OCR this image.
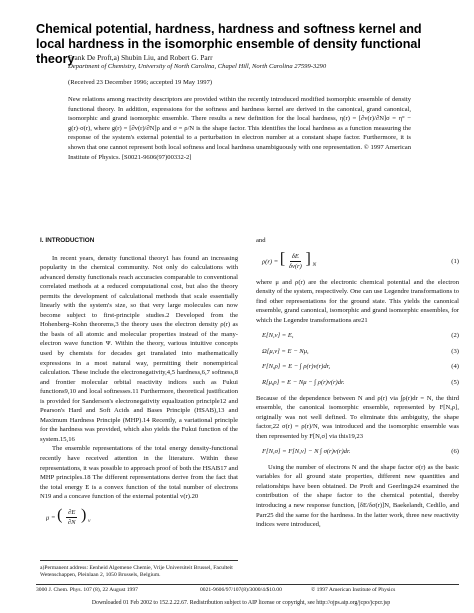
Chemical potential, hardness, hardness and softness kernel and local hardness in the isomorphic ensemble of density functional theory
Frank De Proft,a) Shubin Liu, and Robert G. Parr
Department of Chemistry, University of North Carolina, Chapel Hill, North Carolina 27599-3290
(Received 23 December 1996; accepted 19 May 1997)

New relations among reactivity descriptors are provided within the recently introduced modified isomorphic ensemble of density functional theory. In addition, expressions for the softness and hardness kernel are derived in the canonical, grand canonical, isomorphic and grand isomorphic ensemble. There results a new definition for the local hardness, η(r) = [∂v(r)/∂N]σ = η° − g(r)·σ(r), where g(r) = [∂v(r)/∂N]ρ and σ = ρ/N is the shape factor. This identifies the local hardness as a function measuring the response of the system's external potential to a perturbation in electron number at a constant shape factor. Furthermore, it is shown that one cannot represent both local softness and local hardness unambiguously with one representation. © 1997 American Institute of Physics. [S0021-9606(97)00332-2]

I. INTRODUCTION

In recent years, density functional theory1 has found an increasing popularity in the chemical community. Not only do calculations with advanced density functionals reach accuracies comparable to conventional correlated methods at a reduced computational cost, but also the theory permits the development of calculational methods that scale essentially linearly with the system's size, so that very large molecules can now become subject to first-principle studies.2 Developed from the Hohenberg–Kohn theorems,3 the theory uses the electron density ρ(r) as the basis of all atomic and molecular properties instead of the many-electron wave function Ψ. Within the theory, various intuitive concepts used by chemists for decades get translated into mathematically expressions in a most natural way, permitting their nonempirical calculation. These include the electronegativity,4,5 hardness,6,7 softness,8 and frontier molecular orbital reactivity indices such as Fukui functions9,10 and local softnesses.11 Furthermore, theoretical justification is provided for Sanderson's electronegativity equalization principle12 and Pearson's Hard and Soft Acids and Bases Principle (HSAB),13 and Maximum Hardness Principle (MHP).14 Recently, a variational principle for the hardness was provided, which also yields the Fukui function of the system.15,16

The ensemble representations of the total energy density-functional recently have received attention in the literature. Within these representations, it was possible to approach proof of both the HSAB17 and MHP principles.18 The different representations derive from the fact that the total energy E is a convex function of the total number of electrons N19 and a concave function of the external potential v(r).20

μ = ( $\frac{\partial E}{\partial N}$ ) $_v$
a)Permanent address: Eenheid Algemene Chemie, Vrije Universiteit Brussel, Faculteit Wetenschappen, Pleinlaan 2, 1050 Brussels, Belgium.

and

ρ(r) = [ $\frac{\delta E}{\delta v(r)}$ ] $_N$	(1)

where μ and ρ(r) are the electronic chemical potential and the electron density of the system, respectively. One can use Legendre transformations to find other representations for the ground state. This yields the canonical ensemble, grand canonical, isomorphic and grand isomorphic ensembles, for which the Legendre transformations are21

E[N,v] = E,	(2)
Ω[μ,v] = E − Nμ,	(3)
F[N,ρ] = E − ∫ ρ(r)v(r)dr,	(4)
R[μ,ρ] = E − Nμ − ∫ ρ(r)v(r)dr.	(5)

Because of the dependence between N and ρ(r) via ∫ρ(r)dr = N, the third ensemble, the canonical isomorphic ensemble, represented by F[N,ρ], originally was not well defined. To eliminate this ambiguity, the shape factor,22 σ(r) = ρ(r)/N, was introduced and the isomorphic ensemble was then represented by F[N,σ] via this19,23

F[N,σ] = F[N,v] − N ∫ σ(r)v(r)dr.	(6)

Using the number of electrons N and the shape factor σ(r) as the basic variables for all ground state properties, different new quantities and relationships have been obtained. De Proft and Geerlings24 examined the contribution of the shape factor to the chemical potential, thereby introducing a new response function, [δE/δσ(r)]N, Baekelandt, Cedillo, and Parr25 did the same for the hardness. In the latter work, three new reactivity indices were introduced,

3000 J. Chem. Phys. 107 (8), 22 August 1997	0021-9606/97/107(8)/3000/4/$10.00	© 1997 American Institute of Physics
Downloaded 01 Feb 2002 to 152.2.22.67. Redistribution subject to AIP license or copyright, see http://ojps.aip.org/jcpo/jcpcr.jsp
